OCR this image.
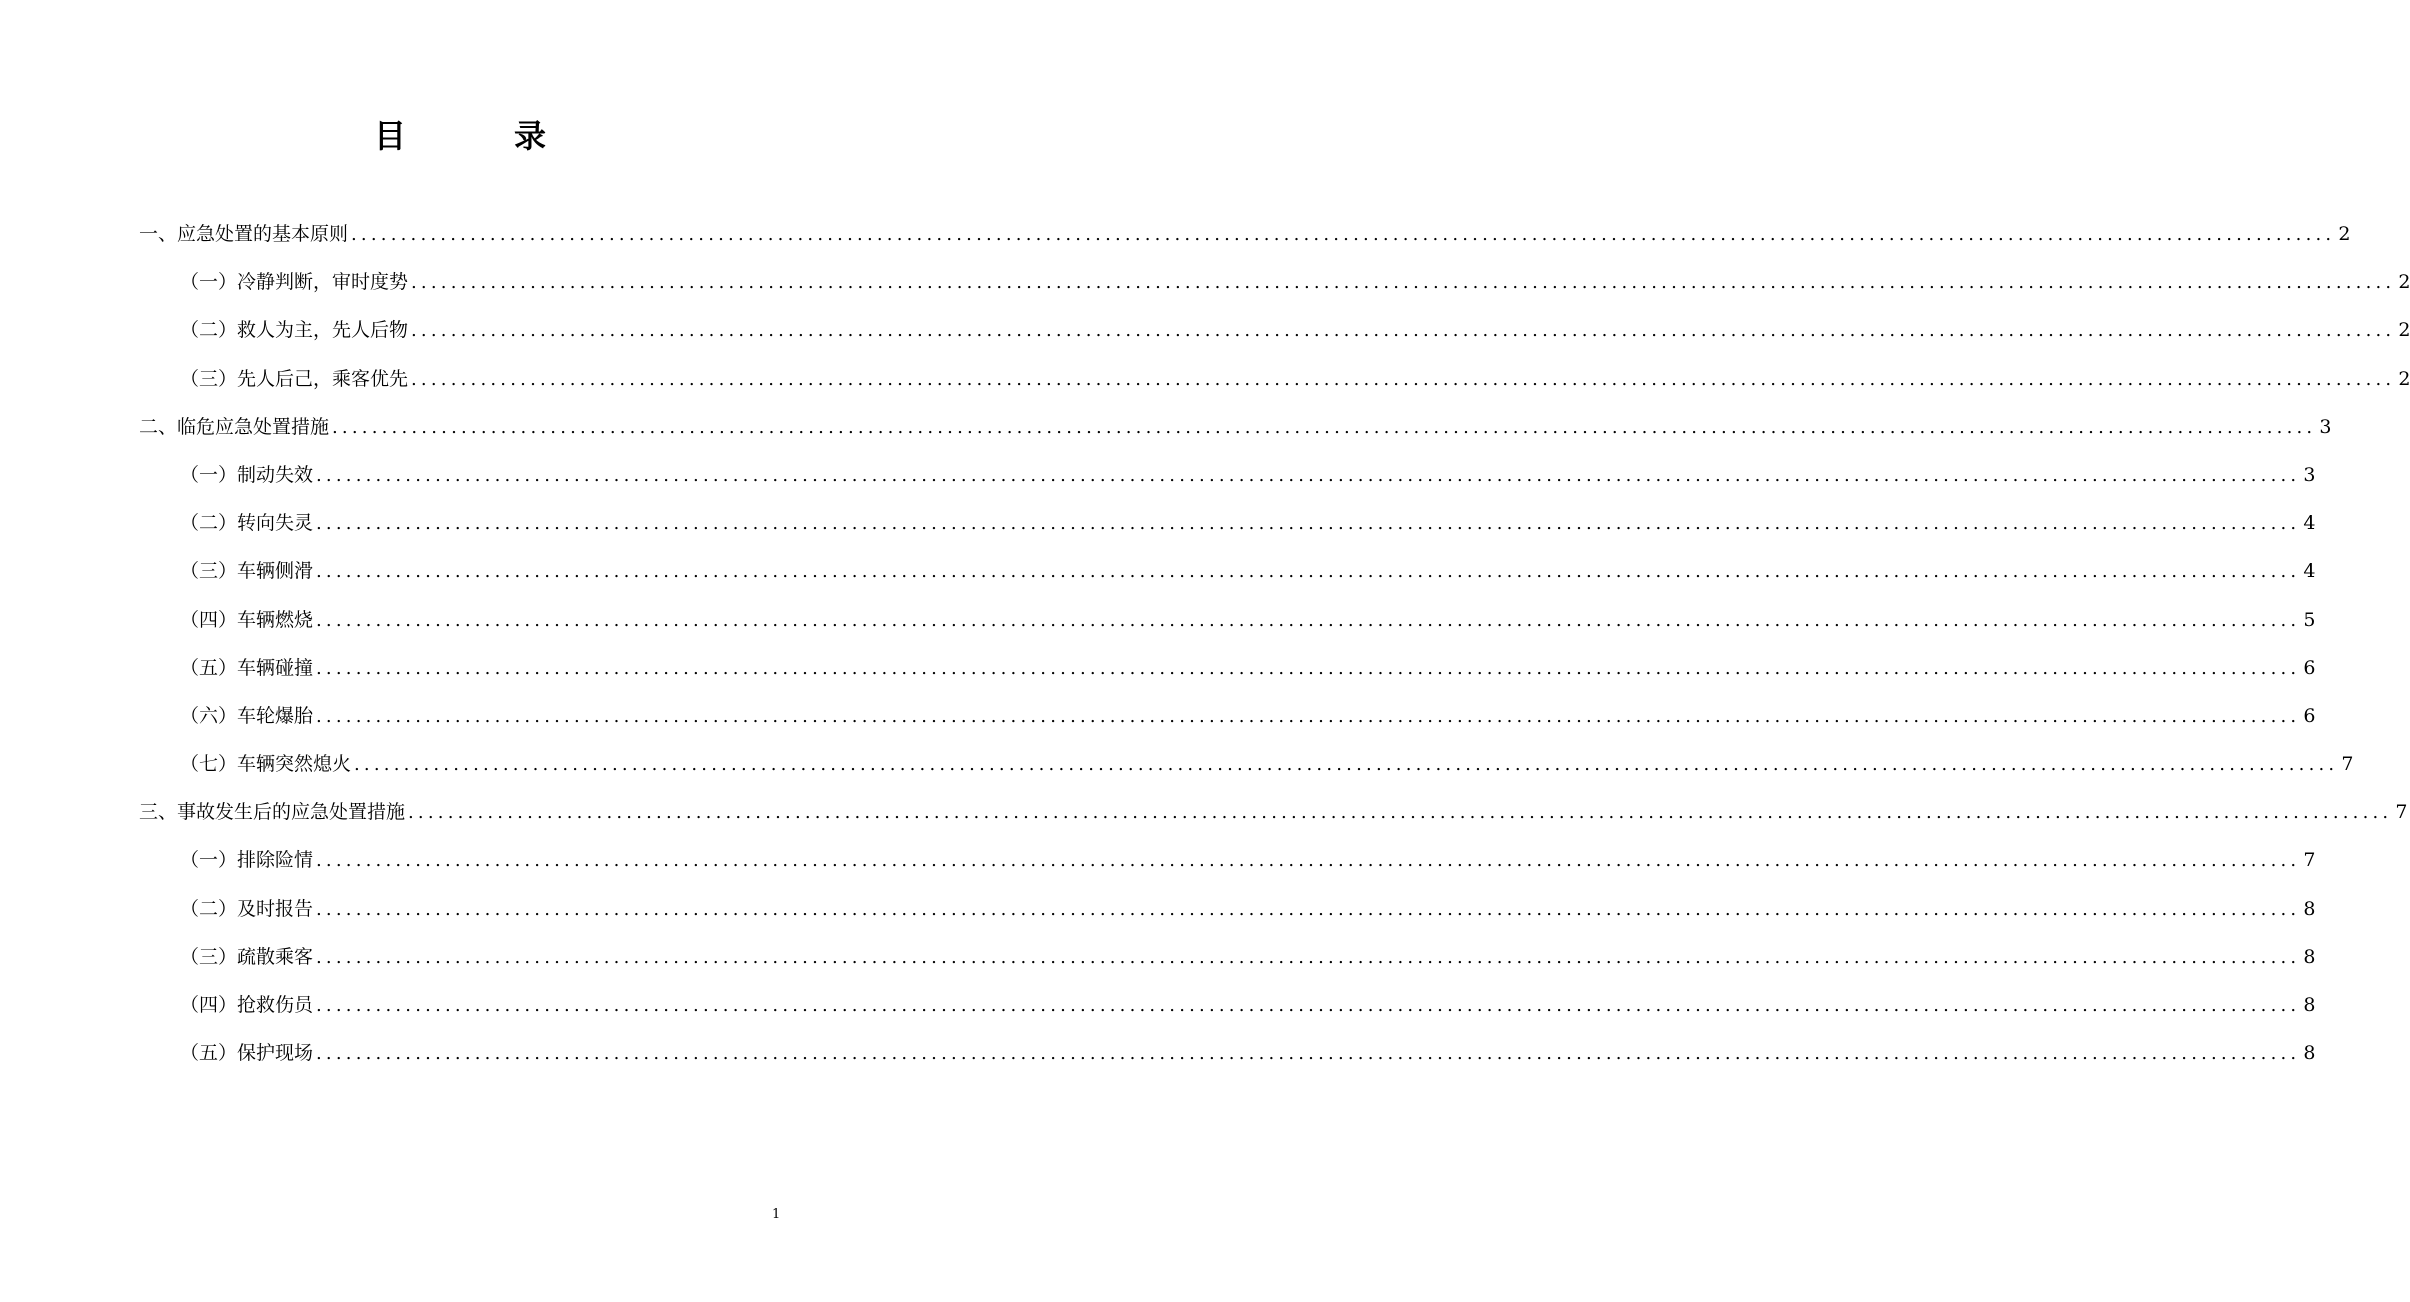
目　录
一、应急处置的基本原则 ........................................................................................................................................................................................................ 2
（一）冷静判断，审时度势 ........................................................................................................................................................................................................ 2
（二）救人为主，先人后物 ........................................................................................................................................................................................................ 2
（三）先人后己，乘客优先 ........................................................................................................................................................................................................ 2
二、临危应急处置措施 ........................................................................................................................................................................................................ 3
（一）制动失效 ........................................................................................................................................................................................................ 3
（二）转向失灵 ........................................................................................................................................................................................................ 4
（三）车辆侧滑 ........................................................................................................................................................................................................ 4
（四）车辆燃烧 ........................................................................................................................................................................................................ 5
（五）车辆碰撞 ........................................................................................................................................................................................................ 6
（六）车轮爆胎 ........................................................................................................................................................................................................ 6
（七）车辆突然熄火 ........................................................................................................................................................................................................ 7
三、事故发生后的应急处置措施 ........................................................................................................................................................................................................ 7
（一）排除险情 ........................................................................................................................................................................................................ 7
（二）及时报告 ........................................................................................................................................................................................................ 8
（三）疏散乘客 ........................................................................................................................................................................................................ 8
（四）抢救伤员 ........................................................................................................................................................................................................ 8
（五）保护现场 ........................................................................................................................................................................................................ 8
1
